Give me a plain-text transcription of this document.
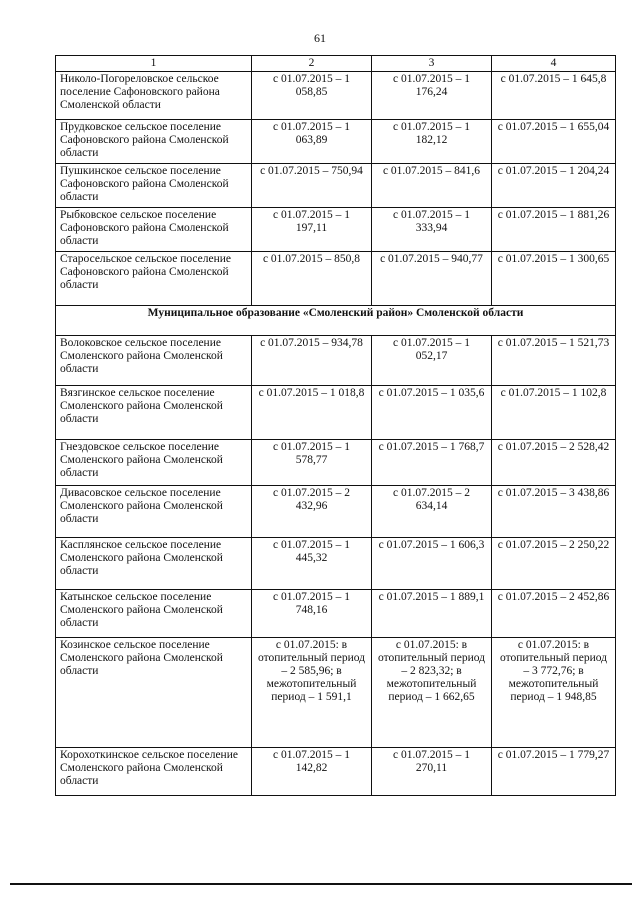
61
1	2	3	4
Николо-Погореловское сельское поселение Сафоновского района Смоленской области	с 01.07.2015 – 1 058,85	с 01.07.2015 – 1 176,24	с 01.07.2015 – 1 645,8
Прудковское сельское поселение Сафоновского района Смоленской области	с 01.07.2015 – 1 063,89	с 01.07.2015 – 1 182,12	с 01.07.2015 – 1 655,04
Пушкинское сельское поселение Сафоновского района Смоленской области	с 01.07.2015 – 750,94	с 01.07.2015 – 841,6	с 01.07.2015 – 1 204,24
Рыбковское сельское поселение Сафоновского района Смоленской области	с 01.07.2015 – 1 197,11	с 01.07.2015 – 1 333,94	с 01.07.2015 – 1 881,26
Старосельское сельское поселение Сафоновского района Смоленской области	с 01.07.2015 – 850,8	с 01.07.2015 – 940,77	с 01.07.2015 – 1 300,65
Муниципальное образование «Смоленский район» Смоленской области			
Волоковское сельское поселение Смоленского района Смоленской области	с 01.07.2015 – 934,78	с 01.07.2015 – 1 052,17	с 01.07.2015 – 1 521,73
Вязгинское сельское поселение Смоленского района Смоленской области	с 01.07.2015 – 1 018,8	с 01.07.2015 – 1 035,6	с 01.07.2015 – 1 102,8
Гнездовское сельское поселение Смоленского района Смоленской области	с 01.07.2015 – 1 578,77	с 01.07.2015 – 1 768,7	с 01.07.2015 – 2 528,42
Дивасовское сельское поселение Смоленского района Смоленской области	с 01.07.2015 – 2 432,96	с 01.07.2015 – 2 634,14	с 01.07.2015 – 3 438,86
Касплянское сельское поселение Смоленского района Смоленской области	с 01.07.2015 – 1 445,32	с 01.07.2015 – 1 606,3	с 01.07.2015 – 2 250,22
Катынское сельское поселение Смоленского района Смоленской области	с 01.07.2015 – 1 748,16	с 01.07.2015 – 1 889,1	с 01.07.2015 – 2 452,86
Козинское сельское поселение Смоленского района Смоленской области	с 01.07.2015: в отопительный период – 2 585,96; в межотопительный период – 1 591,1	с 01.07.2015: в отопительный период – 2 823,32; в межотопительный период – 1 662,65	с 01.07.2015: в отопительный период – 3 772,76; в межотопительный период – 1 948,85
Корохоткинское сельское поселение Смоленского района Смоленской области	с 01.07.2015 – 1 142,82	с 01.07.2015 – 1 270,11	с 01.07.2015 – 1 779,27
